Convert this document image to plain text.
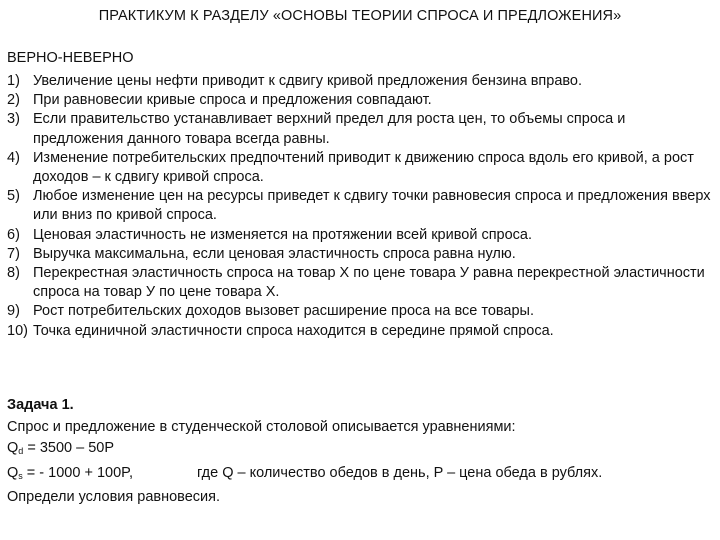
ПРАКТИКУМ К РАЗДЕЛУ «ОСНОВЫ ТЕОРИИ СПРОСА И ПРЕДЛОЖЕНИЯ»
ВЕРНО-НЕВЕРНО
1) Увеличение цены нефти приводит к сдвигу кривой предложения бензина вправо.
2) При равновесии кривые спроса и предложения совпадают.
3) Если правительство устанавливает верхний предел для роста цен, то объемы спроса и предложения данного товара всегда равны.
4) Изменение потребительских предпочтений приводит к движению спроса вдоль его кривой, а рост доходов – к сдвигу кривой спроса.
5) Любое изменение цен на ресурсы приведет к сдвигу точки равновесия спроса и предложения вверх или вниз по кривой спроса.
6) Ценовая эластичность не изменяется на протяжении всей кривой спроса.
7) Выручка максимальна, если ценовая эластичность спроса равна нулю.
8) Перекрестная эластичность спроса на товар X по цене товара У равна перекрестной эластичности спроса на товар У по цене товара X.
9) Рост потребительских доходов вызовет расширение проса на все товары.
10) Точка единичной эластичности спроса находится в середине прямой спроса.
Задача 1.
Спрос и предложение в студенческой столовой описывается уравнениями:
$Q_d = 3500 - 50P$
$Q_s$ = - 1000 + 100P,	где Q – количество обедов в день, P – цена обеда в рублях.
Определи условия равновесия.
